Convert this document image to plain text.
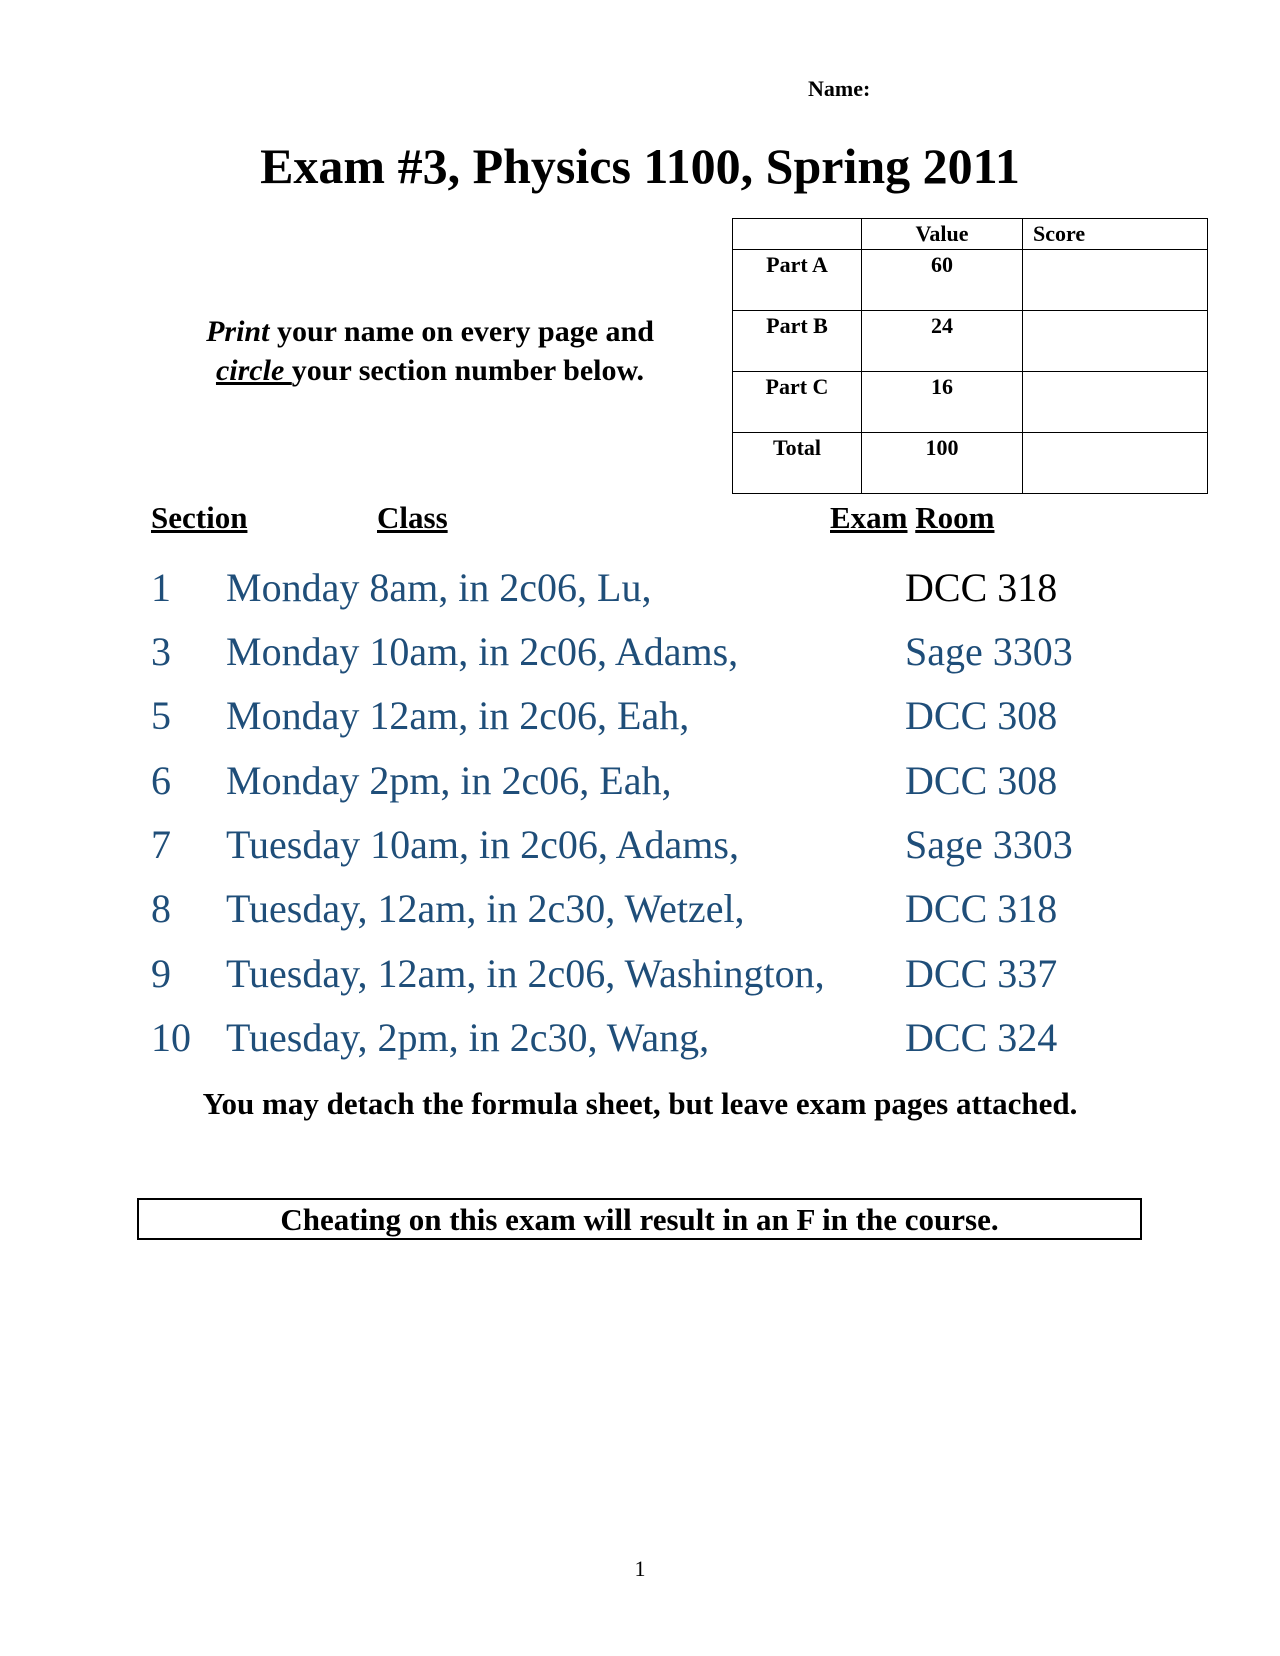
Name:
Exam #3, Physics 1100, Spring 2011
Print your name on every page and
circle your section number below.
	Value	Score
Part A	60	
Part B	24	
Part C	16	
Total	100	
Section	Class	Exam Room
1 Monday 8am, in 2c06, Lu,	DCC 318
3 Monday 10am, in 2c06, Adams,	Sage 3303
5 Monday 12am, in 2c06, Eah,	DCC 308
6 Monday 2pm, in 2c06, Eah,	DCC 308
7 Tuesday 10am, in 2c06, Adams,	Sage 3303
8 Tuesday, 12am, in 2c30, Wetzel,	DCC 318
9 Tuesday, 12am, in 2c06, Washington, DCC 337
10 Tuesday, 2pm, in 2c30, Wang,	DCC 324
You may detach the formula sheet, but leave exam pages attached.
Cheating on this exam will result in an F in the course.
1
